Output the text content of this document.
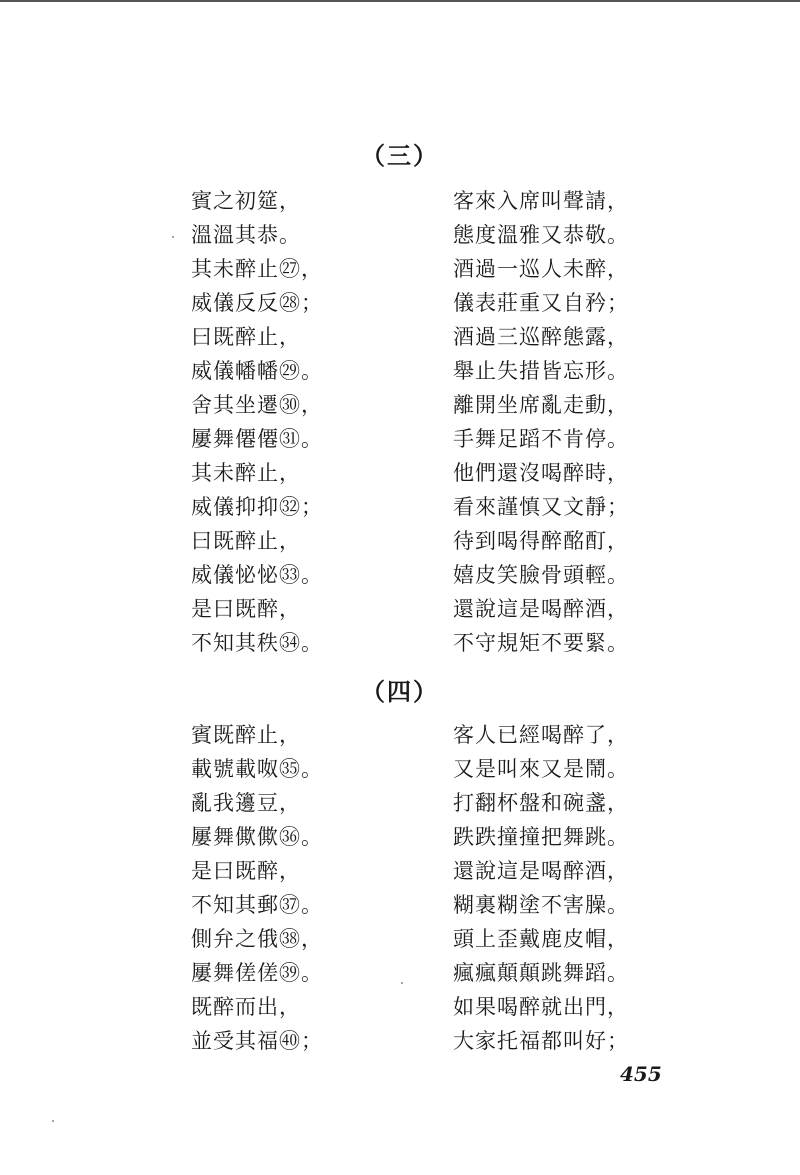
（三）
賓之初筵，	客來入席叫聲請，
溫溫其恭。	態度溫雅又恭敬。
其未醉止㉗，	酒過一巡人未醉，
威儀反反㉘；	儀表莊重又自矜；
曰既醉止，	酒過三巡醉態露，
威儀幡幡㉙。	舉止失措皆忘形。
舍其坐遷㉚，	離開坐席亂走動，
屢舞僊僊㉛。	手舞足蹈不肯停。
其未醉止，	他們還沒喝醉時，
威儀抑抑㉜；	看來謹慎又文靜；
曰既醉止，	待到喝得醉酩酊，
威儀怭怭㉝。	嬉皮笑臉骨頭輕。
是曰既醉，	還說這是喝醉酒，
不知其秩㉞。	不守規矩不要緊。
（四）
賓既醉止，	客人已經喝醉了，
載號載呶㉟。	又是叫來又是鬧。
亂我籩豆，	打翻杯盤和碗盞，
屢舞僛僛㊱。	跌跌撞撞把舞跳。
是曰既醉，	還說這是喝醉酒，
不知其郵㊲。	糊裏糊塗不害臊。
側弁之俄㊳，	頭上歪戴鹿皮帽，
屢舞傞傞㊴。	瘋瘋顛顛跳舞蹈。
既醉而出，	如果喝醉就出門，
並受其福㊵；	大家托福都叫好；
455
